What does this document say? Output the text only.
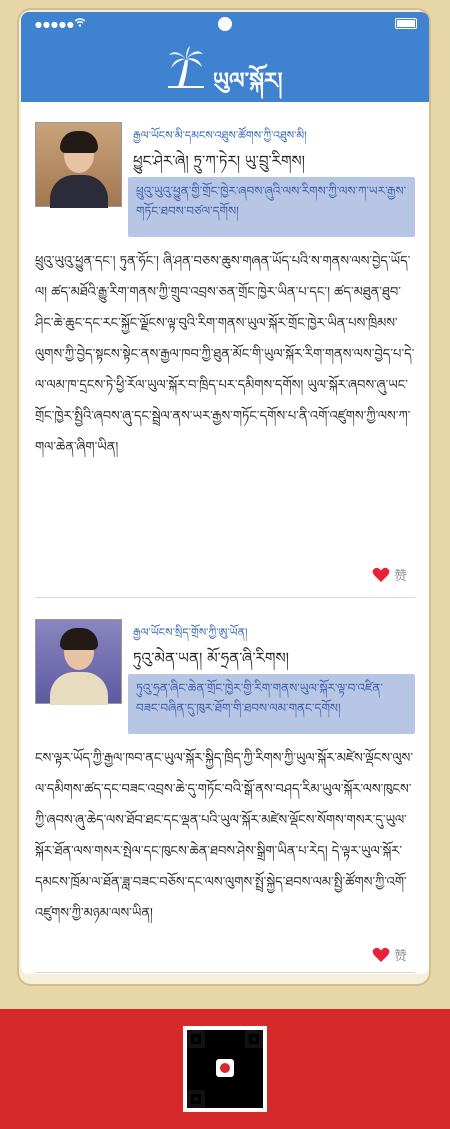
●●●●●
ཡུལ་སྐོར།
རྒྱལ་ཡོངས་མི་དམངས་འཐུས་ཚོགས་ཀྱི་འཐུས་མི།
ཕྱུང་ཤེར་ཞེ། ཏྲུ་ཀ་ཏེར། ཡུ་བྲུ་རིགས།
ཕྲུའུ་ཡུའུ་ཕྱུན་གྱི་གྲོང་ཁྱེར་ཞབས་ཞུའི་ལས་རིགས་ཀྱི་ལས་ཀ་ཡར་རྒྱས་གཏོང་ཐབས་བཙལ་དགོས།
ཕྲུའུ་ཡུའུ་ཕྱུན་དང་། ཏུན་ཧོང་། ཞི་ཤན་བཅས་ཆུས་གཞན་ཡོད་པའི་ས་གནས་ལས་བྱེད་ཡོད་ལ། ཚད་མཐོའི་རྒྱུ་རིག་གནས་ཀྱི་གྲུབ་འབྲས་ཅན་གྲོང་ཁྱེར་ཡིན་པ་དང་། ཚད་མཐུན་ཐུབ་ཤིང་ཆེ་ཆུང་དང་རང་སྐྱོང་ལྗོངས་ལྟ་བུའི་རིག་གནས་ཡུལ་སྐོར་གྲོང་ཁྱེར་ཡིན་པས་ཁྲིམས་ལུགས་ཀྱི་བྱེད་སྟངས་སྟེང་ནས་རྒྱལ་ཁབ་ཀྱི་ཐུན་མོང་གི་ཡུལ་སྐོར་རིག་གནས་ལས་བྱེད་པ་དེ་ལ་ལམ་ཁ་དྲངས་ཏེ་ཕྱི་རོལ་ཡུལ་སྐོར་བ་ཁྲིད་པར་དམིགས་དགོས། ཡུལ་སྐོར་ཞབས་ཞུ་ཡང་གྲོང་ཁྱེར་སྤྱིའི་ཞབས་ཞུ་དང་སྦྲེལ་ནས་ཡར་རྒྱས་གཏོང་དགོས་པ་ནི་འགོ་འཛུགས་ཀྱི་ལས་ཀ་གལ་ཆེན་ཞིག་ཡིན།
赞
རྒྱལ་ཡོངས་སྲིད་གྲོས་ཀྱི་ཨུ་ཡོན།
ཏུའུ་མེན་ཡན། མོ་ཧྲན་ཞི་རིགས།
ཏུའུ་ཧྲན་ཞིང་ཆེན་གྲོང་ཁྱེར་གྱི་རིག་གནས་ཡུལ་སྐོར་ལྟ་བ་འཛིན་བཟང་བཞིན་དུ་ཁུར་ཐོག་གི་ཐབས་ལམ་གནང་དགོས།
ངས་ལྟར་ཡོད་ཀྱི་རྒྱལ་ཁབ་ནང་ཡུལ་སྐོར་སྐྱིད་ཁྲིད་ཀྱི་རིགས་ཀྱི་ཡུལ་སྐོར་མཛེས་ལྡོངས་ལུས་ལ་དམིགས་ཚད་དང་བཟང་འབྲས་ཆེ་དུ་གཏོང་བའི་སྒོ་ནས་བཤད་རིམ་ཡུལ་སྐོར་ལས་ཁུངས་ཀྱི་ཞབས་ཞུ་ཆེད་ལས་ཐོབ་ཐང་དང་ལྡན་པའི་ཡུལ་སྐོར་མཛེས་ལྡོངས་སོགས་གསར་དུ་ཡུལ་སྐོར་ཐོན་ལས་གསར་སྤེལ་དང་ཁུངས་ཆེན་ཐབས་ཤེས་སྒྲིག་ཡིན་པ་རེད། དེ་ལྟར་ཡུལ་སྐོར་དམངས་ཁྲོམ་ལ་ཐོན་ཟླ་བཟང་བཅོས་དང་ལས་ལུགས་སྤྲོ་སྐྱེད་ཐབས་ལམ་སྤྱི་ཚོགས་ཀྱི་འགོ་འཛུགས་ཀྱི་མཉམ་ལས་ཡིན།
赞
